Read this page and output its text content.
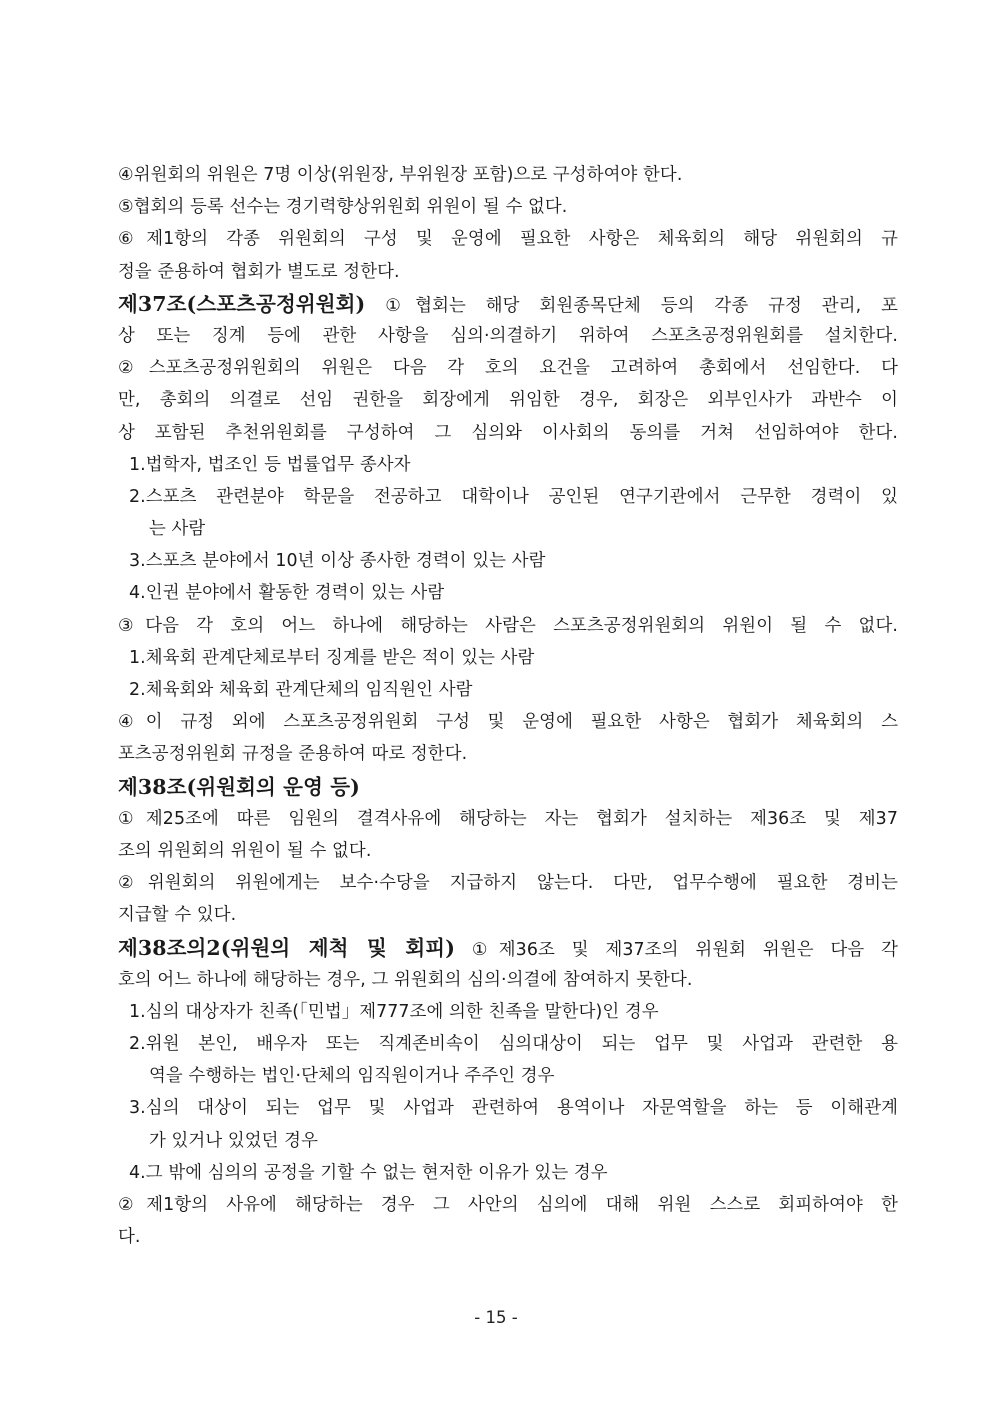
④위원회의 위원은 7명 이상(위원장, 부위원장 포함)으로 구성하여야 한다.
⑤협회의 등록 선수는 경기력향상위원회 위원이 될 수 없다.
⑥제1항의 각종 위원회의 구성 및 운영에 필요한 사항은 체육회의 해당 위원회의 규
정을 준용하여 협회가 별도로 정한다.
제37조(스포츠공정위원회) ①협회는 해당 회원종목단체 등의 각종 규정 관리, 포
상 또는 징계 등에 관한 사항을 심의·의결하기 위하여 스포츠공정위원회를 설치한다.
②스포츠공정위원회의 위원은 다음 각 호의 요건을 고려하여 총회에서 선임한다. 다
만, 총회의 의결로 선임 권한을 회장에게 위임한 경우, 회장은 외부인사가 과반수 이
상 포함된 추천위원회를 구성하여 그 심의와 이사회의 동의를 거쳐 선임하여야 한다.
1.법학자, 법조인 등 법률업무 종사자
2.스포츠 관련분야 학문을 전공하고 대학이나 공인된 연구기관에서 근무한 경력이 있
는 사람
3.스포츠 분야에서 10년 이상 종사한 경력이 있는 사람
4.인권 분야에서 활동한 경력이 있는 사람
③다음 각 호의 어느 하나에 해당하는 사람은 스포츠공정위원회의 위원이 될 수 없다.
1.체육회 관계단체로부터 징계를 받은 적이 있는 사람
2.체육회와 체육회 관계단체의 임직원인 사람
④이 규정 외에 스포츠공정위원회 구성 및 운영에 필요한 사항은 협회가 체육회의 스
포츠공정위원회 규정을 준용하여 따로 정한다.
제38조(위원회의 운영 등)
①제25조에 따른 임원의 결격사유에 해당하는 자는 협회가 설치하는 제36조 및 제37
조의 위원회의 위원이 될 수 없다.
②위원회의 위원에게는 보수·수당을 지급하지 않는다. 다만, 업무수행에 필요한 경비는
지급할 수 있다.
제38조의2(위원의 제척 및 회피) ①제36조 및 제37조의 위원회 위원은 다음 각
호의 어느 하나에 해당하는 경우, 그 위원회의 심의·의결에 참여하지 못한다.
1.심의 대상자가 친족(「민법」제777조에 의한 친족을 말한다)인 경우
2.위원 본인, 배우자 또는 직계존비속이 심의대상이 되는 업무 및 사업과 관련한 용
역을 수행하는 법인·단체의 임직원이거나 주주인 경우
3.심의 대상이 되는 업무 및 사업과 관련하여 용역이나 자문역할을 하는 등 이해관계
가 있거나 있었던 경우
4.그 밖에 심의의 공정을 기할 수 없는 현저한 이유가 있는 경우
②제1항의 사유에 해당하는 경우 그 사안의 심의에 대해 위원 스스로 회피하여야 한
다.
- 15 -
